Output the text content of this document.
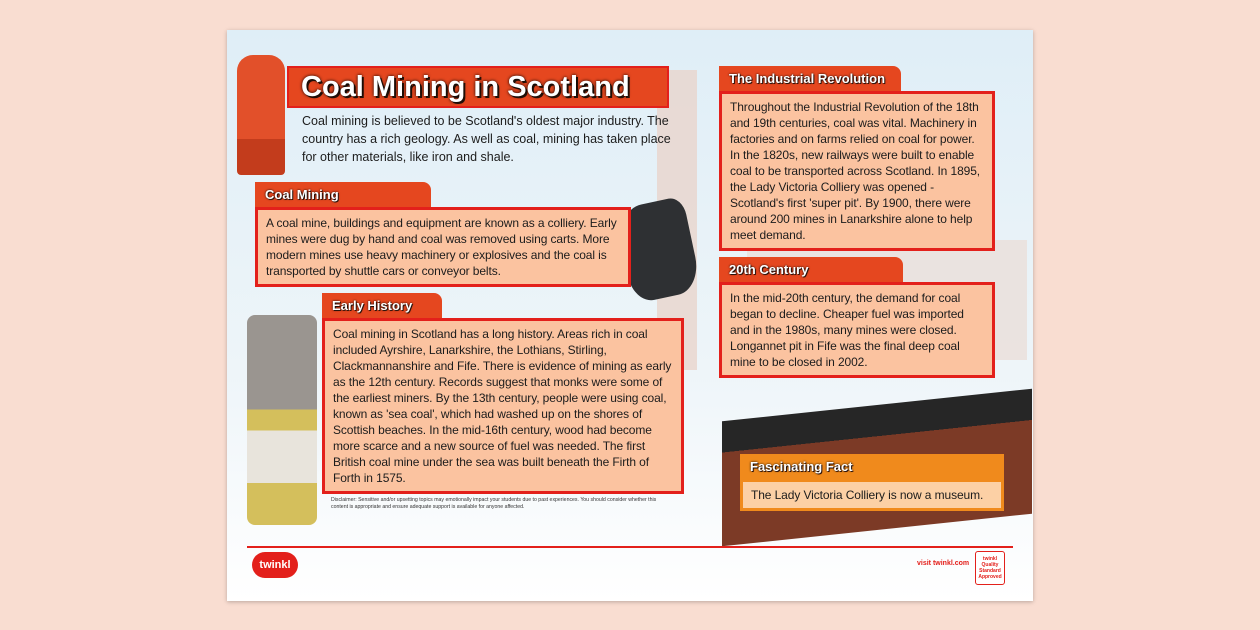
Coal Mining in Scotland

Coal mining is believed to be Scotland's oldest major industry. The country has a rich geology. As well as coal, mining has taken place for other materials, like iron and shale.

Coal Mining
A coal mine, buildings and equipment are known as a colliery. Early mines were dug by hand and coal was removed using carts. More modern mines use heavy machinery or explosives and the coal is transported by shuttle cars or conveyor belts.
Early History
Coal mining in Scotland has a long history. Areas rich in coal included Ayrshire, Lanarkshire, the Lothians, Stirling, Clackmannanshire and Fife. There is evidence of mining as early as the 12th century. Records suggest that monks were some of the earliest miners. By the 13th century, people were using coal, known as 'sea coal', which had washed up on the shores of Scottish beaches. In the mid-16th century, wood had become more scarce and a new source of fuel was needed. The first British coal mine under the sea was built beneath the Firth of Forth in 1575.

Disclaimer: Sensitive and/or upsetting topics may emotionally impact your students due to past experiences. You should consider whether this content is appropriate and ensure adequate support is available for anyone affected.

The Industrial Revolution
Throughout the Industrial Revolution of the 18th and 19th centuries, coal was vital. Machinery in factories and on farms relied on coal for power. In the 1820s, new railways were built to enable coal to be transported across Scotland. In 1895, the Lady Victoria Colliery was opened - Scotland's first 'super pit'. By 1900, there were around 200 mines in Lanarkshire alone to help meet demand.
20th Century
In the mid-20th century, the demand for coal began to decline. Cheaper fuel was imported and in the 1980s, many mines were closed. Longannet pit in Fife was the final deep coal mine to be closed in 2002.
Fascinating Fact
The Lady Victoria Colliery is now a museum.
twinkl	visit twinkl.com
twinkl Quality Standard Approved
